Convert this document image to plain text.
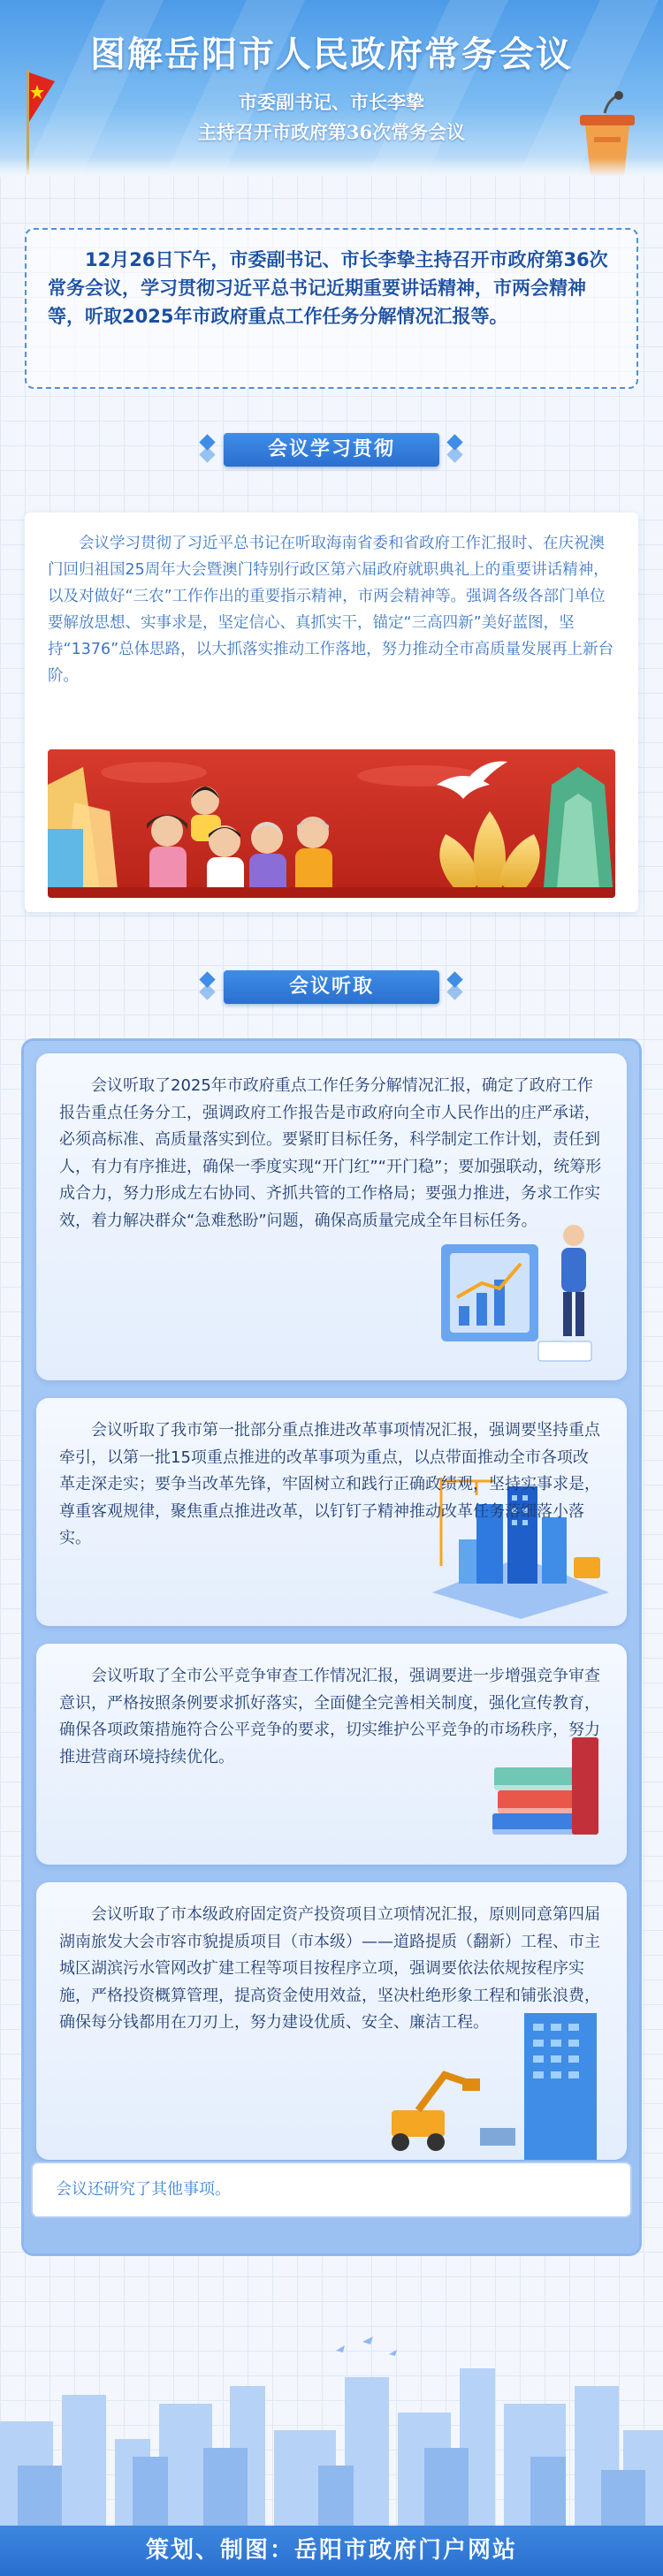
图解岳阳市人民政府常务会议
市委副书记、市长李挚
主持召开市政府第36次常务会议

12月26日下午，市委副书记、市长李挚主持召开市政府第36次常务会议，学习贯彻习近平总书记近期重要讲话精神，市两会精神等，听取2025年市政府重点工作任务分解情况汇报等。

会议学习贯彻

会议学习贯彻了习近平总书记在听取海南省委和省政府工作汇报时、在庆祝澳门回归祖国25周年大会暨澳门特别行政区第六届政府就职典礼上的重要讲话精神，以及对做好“三农”工作作出的重要指示精神，市两会精神等。强调各级各部门单位要解放思想、实事求是，坚定信心、真抓实干，锚定“三高四新”美好蓝图，坚持“1376”总体思路，以大抓落实推动工作落地，努力推动全市高质量发展再上新台阶。

会议听取

会议听取了2025年市政府重点工作任务分解情况汇报，确定了政府工作报告重点任务分工，强调政府工作报告是市政府向全市人民作出的庄严承诺，必须高标准、高质量落实到位。要紧盯目标任务，科学制定工作计划，责任到人，有力有序推进，确保一季度实现“开门红”“开门稳”；要加强联动，统筹形成合力，努力形成左右协同、齐抓共管的工作格局；要强力推进，务求工作实效，着力解决群众“急难愁盼”问题，确保高质量完成全年目标任务。

会议听取了我市第一批部分重点推进改革事项情况汇报，强调要坚持重点牵引，以第一批15项重点推进的改革事项为重点，以点带面推动全市各项改革走深走实；要争当改革先锋，牢固树立和践行正确政绩观，坚持实事求是，尊重客观规律，聚焦重点推进改革，以钉钉子精神推动改革任务落细落小落实。

会议听取了全市公平竞争审查工作情况汇报，强调要进一步增强竞争审查意识，严格按照条例要求抓好落实，全面健全完善相关制度，强化宣传教育，确保各项政策措施符合公平竞争的要求，切实维护公平竞争的市场秩序，努力推进营商环境持续优化。

会议听取了市本级政府固定资产投资项目立项情况汇报，原则同意第四届湖南旅发大会市容市貌提质项目（市本级）——道路提质（翻新）工程、市主城区湖滨污水管网改扩建工程等项目按程序立项，强调要依法依规按程序实施，严格投资概算管理，提高资金使用效益，坚决杜绝形象工程和铺张浪费，确保每分钱都用在刀刃上，努力建设优质、安全、廉洁工程。

会议还研究了其他事项。
策划、制图：岳阳市政府门户网站
